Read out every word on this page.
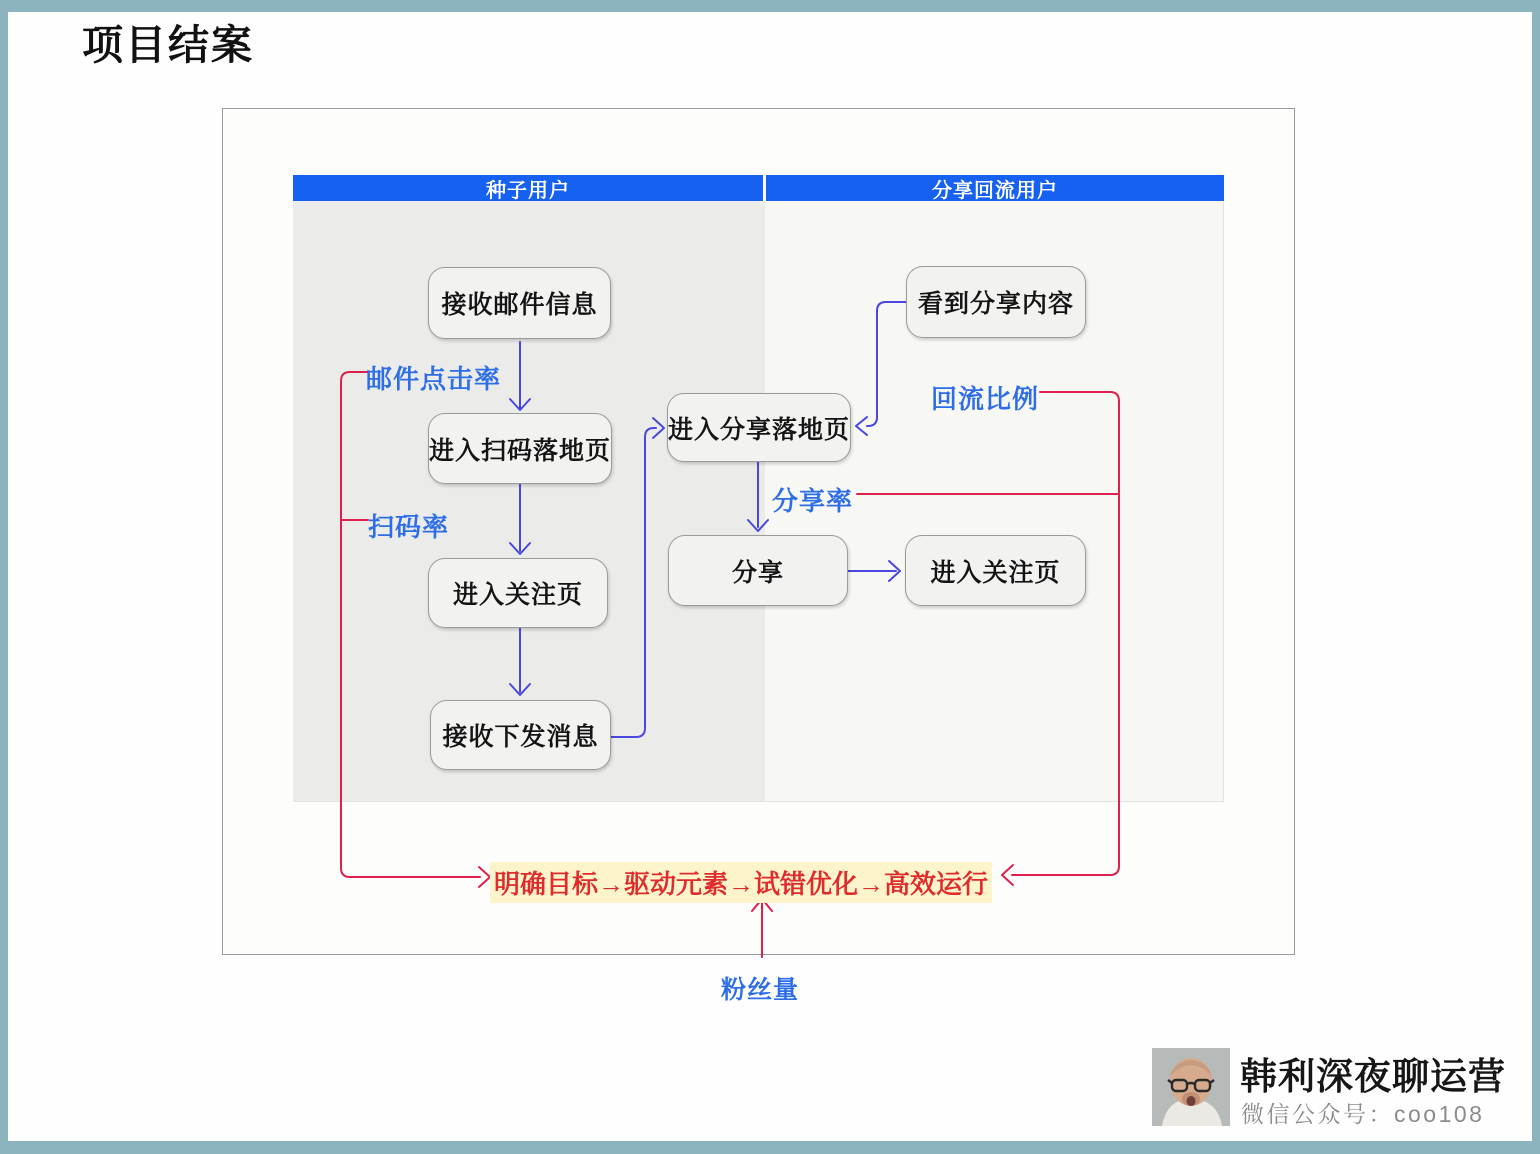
项目结案
种子用户	分享回流用户
接收邮件信息
进入扫码落地页
进入关注页
接收下发消息
进入分享落地页
看到分享内容
分享	进入关注页
邮件点击率
扫码率
回流比例
分享率
粉丝量
明确目标→驱动元素→试错优化→高效运行
韩利深夜聊运营
微信公众号：coo108
